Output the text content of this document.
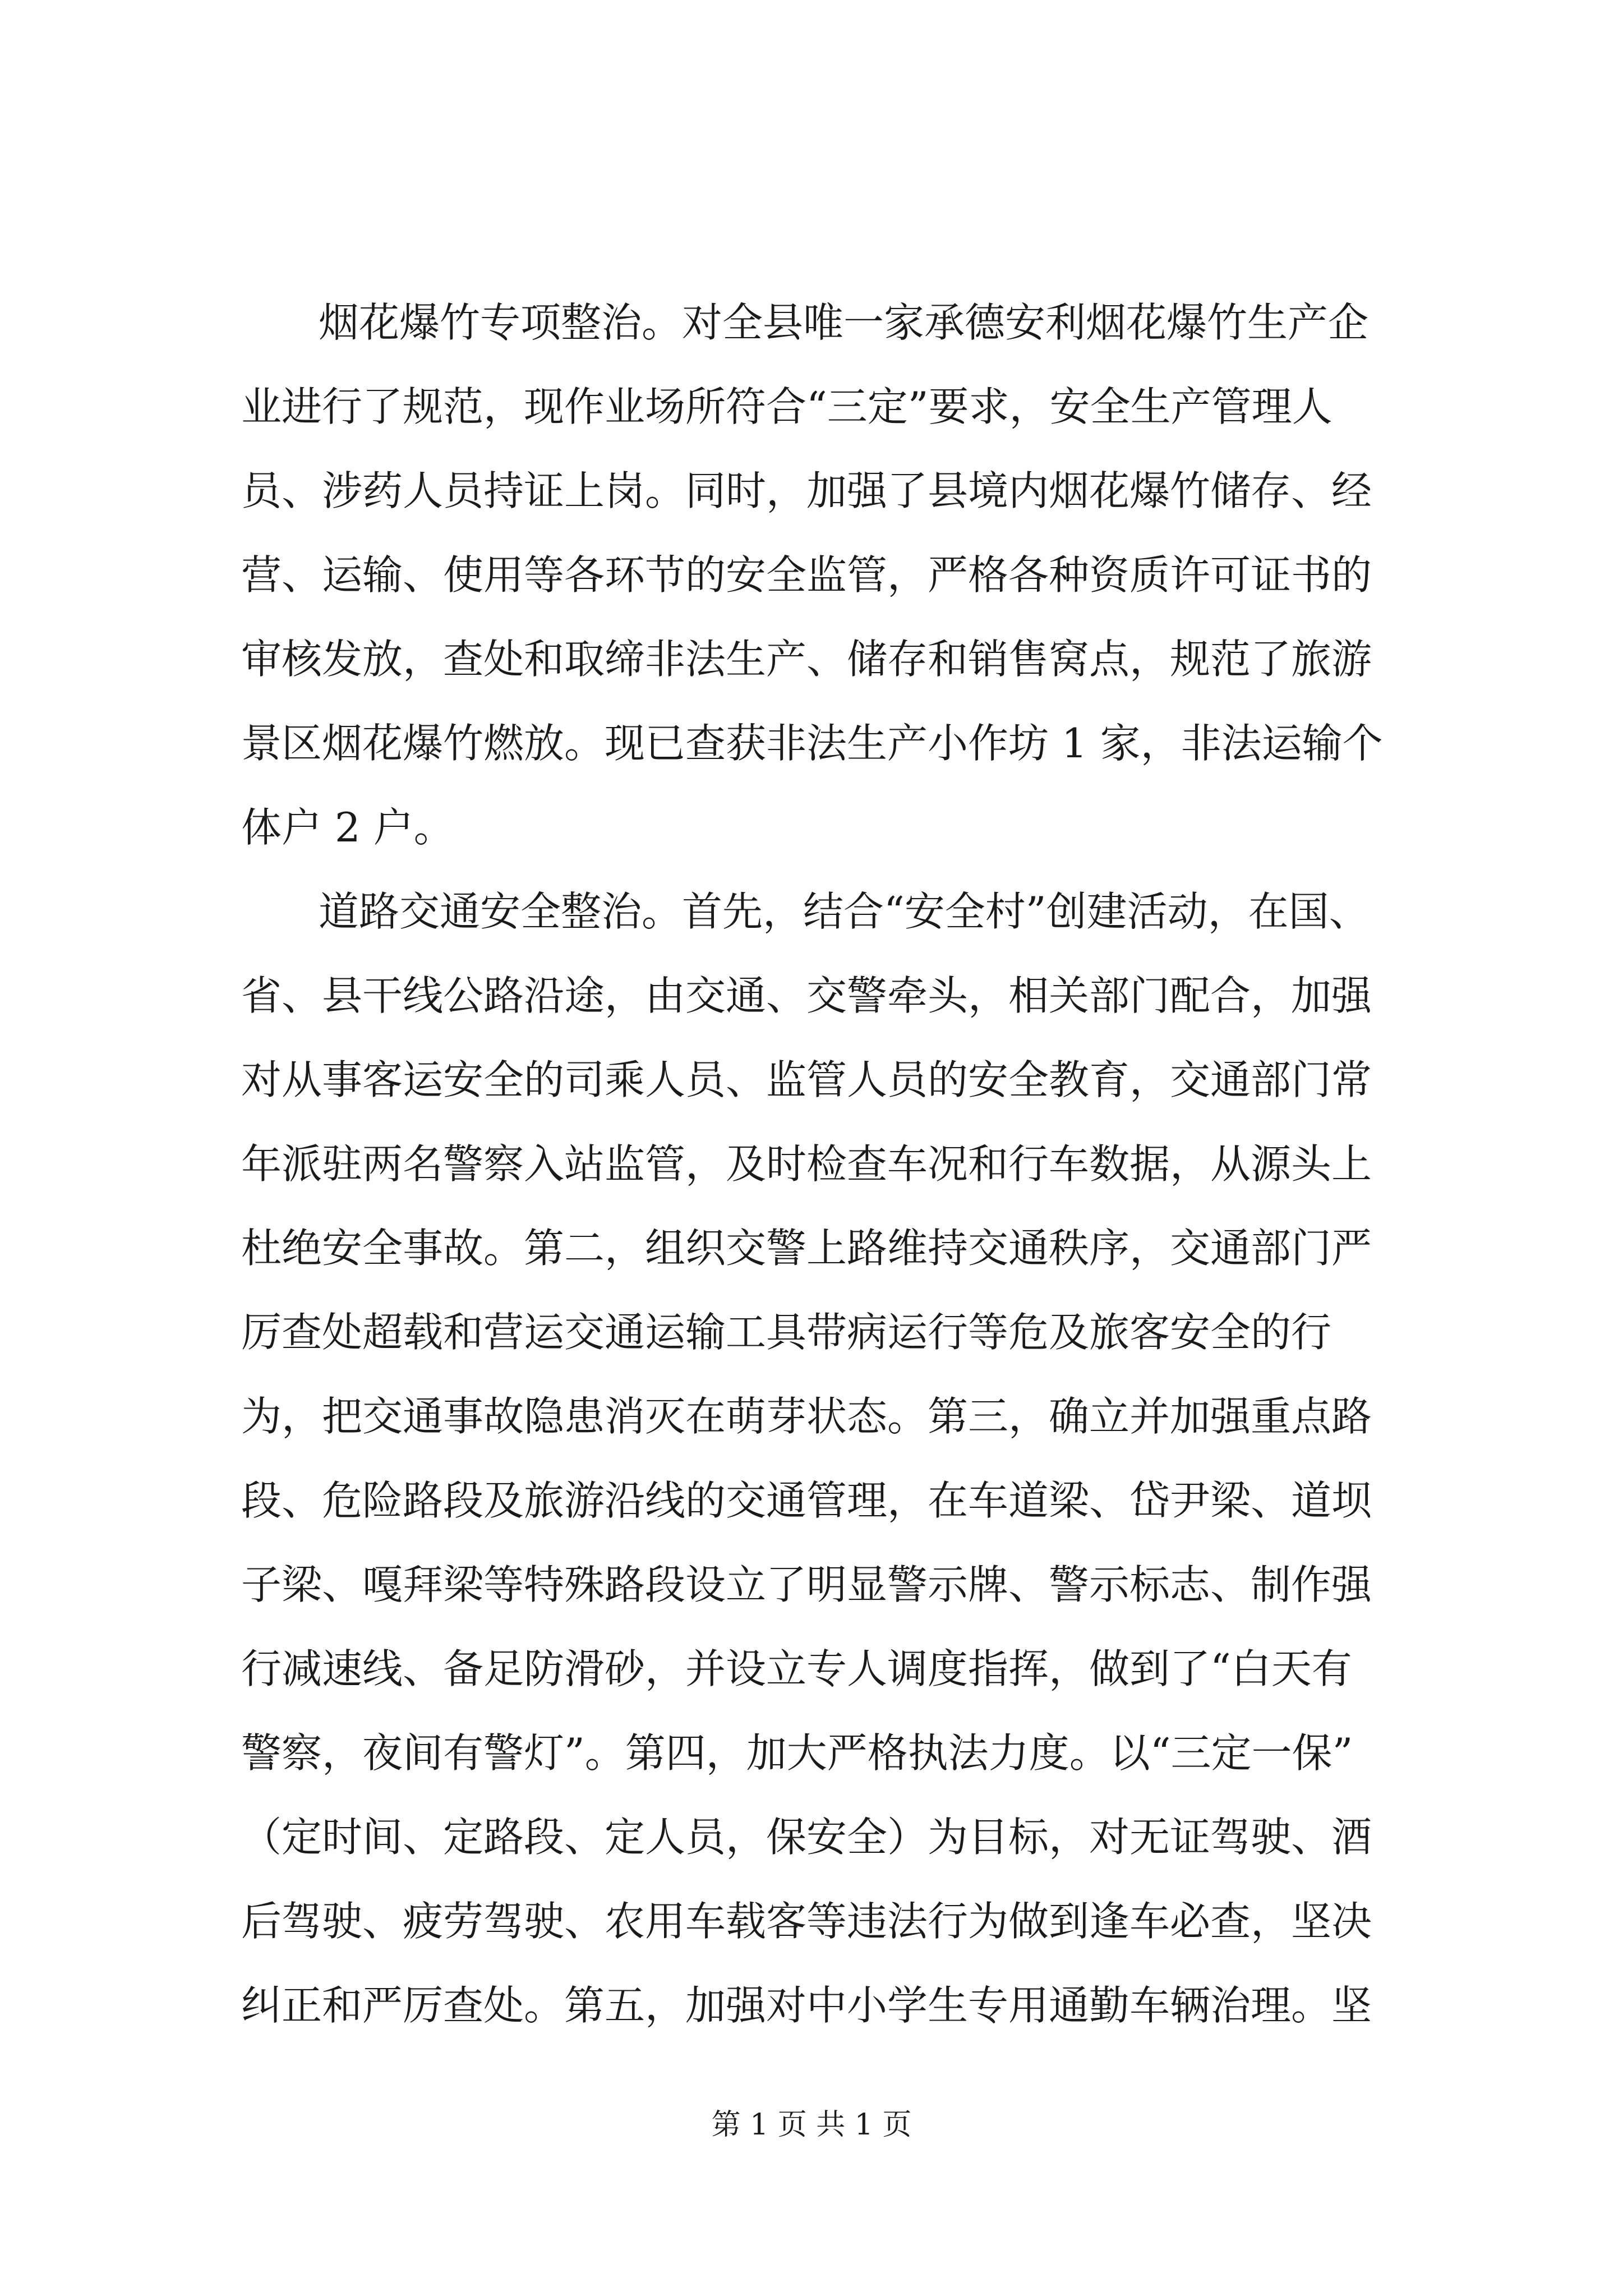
烟花爆竹专项整治。对全县唯一家承德安利烟花爆竹生产企
业进行了规范，现作业场所符合“三定”要求，安全生产管理人
员、涉药人员持证上岗。同时，加强了县境内烟花爆竹储存、经
营、运输、使用等各环节的安全监管，严格各种资质许可证书的
审核发放，查处和取缔非法生产、储存和销售窝点，规范了旅游
景区烟花爆竹燃放。现已查获非法生产小作坊 1 家，非法运输个
体户 2 户。
道路交通安全整治。首先，结合“安全村”创建活动，在国、
省、县干线公路沿途，由交通、交警牵头，相关部门配合，加强
对从事客运安全的司乘人员、监管人员的安全教育，交通部门常
年派驻两名警察入站监管，及时检查车况和行车数据，从源头上
杜绝安全事故。第二，组织交警上路维持交通秩序，交通部门严
厉查处超载和营运交通运输工具带病运行等危及旅客安全的行
为，把交通事故隐患消灭在萌芽状态。第三，确立并加强重点路
段、危险路段及旅游沿线的交通管理，在车道梁、岱尹梁、道坝
子梁、嘎拜梁等特殊路段设立了明显警示牌、警示标志、制作强
行减速线、备足防滑砂，并设立专人调度指挥，做到了“白天有
警察，夜间有警灯”。第四，加大严格执法力度。以“三定一保”
（定时间、定路段、定人员，保安全）为目标，对无证驾驶、酒
后驾驶、疲劳驾驶、农用车载客等违法行为做到逢车必查，坚决
纠正和严厉查处。第五，加强对中小学生专用通勤车辆治理。坚
第 1 页 共 1 页
